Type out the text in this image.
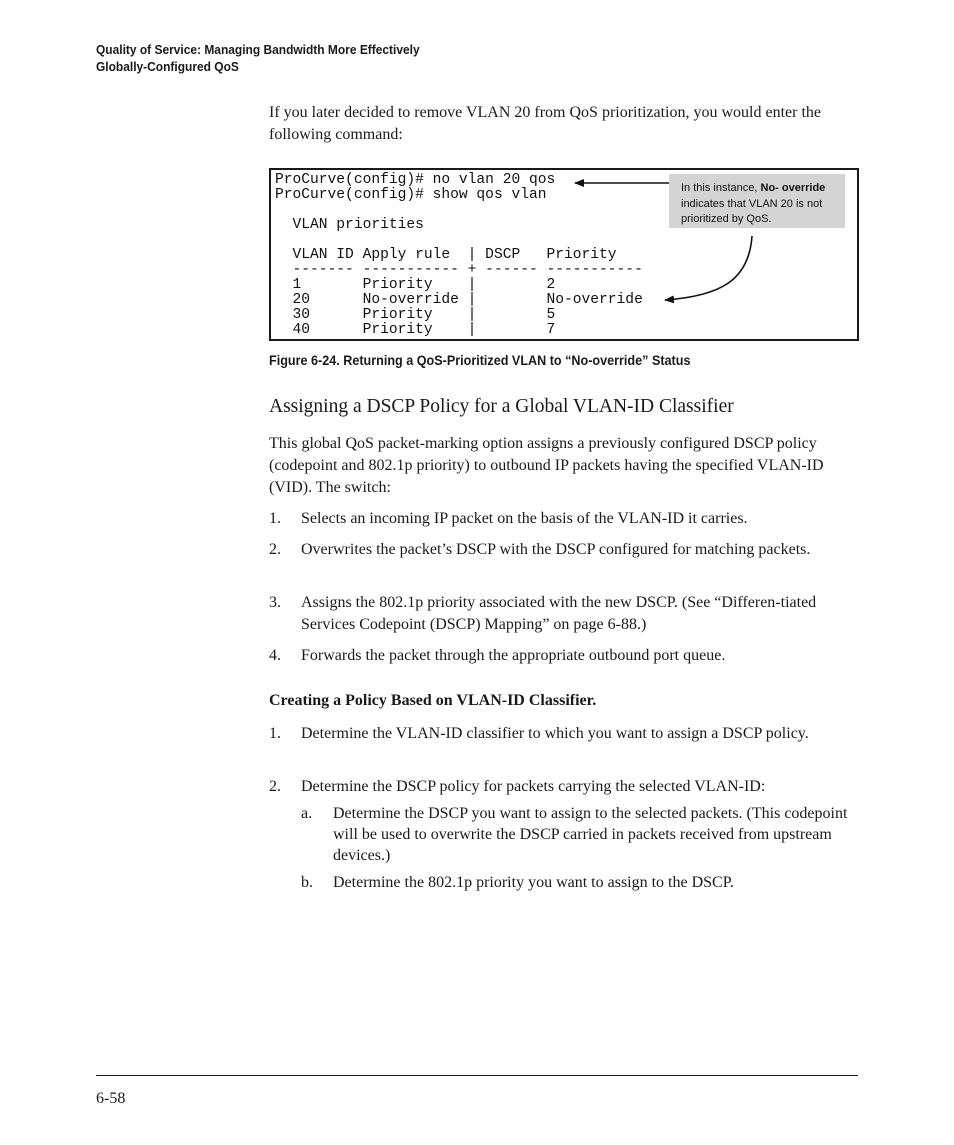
Quality of Service: Managing Bandwidth More Effectively
Globally-Configured QoS
If you later decided to remove VLAN 20 from QoS prioritization, you would enter the following command:
ProCurve(config)# no vlan 20 qos
ProCurve(config)# show qos vlan

VLAN priorities

VLAN ID Apply rule  | DSCP   Priority
------- ----------- + ------ -----------
1       Priority    |        2
20      No-override |        No-override
30      Priority    |        5
40      Priority    |        7
In this instance, No- override indicates that VLAN 20 is not prioritized by QoS.
Figure 6-24. Returning a QoS-Prioritized VLAN to “No-override” Status
Assigning a DSCP Policy for a Global VLAN-ID Classifier
This global QoS packet-marking option assigns a previously configured DSCP policy (codepoint and 802.1p priority) to outbound IP packets having the specified VLAN-ID (VID). The switch:
1. Selects an incoming IP packet on the basis of the VLAN-ID it carries.
2. Overwrites the packet’s DSCP with the DSCP configured for matching packets.
3. Assigns the 802.1p priority associated with the new DSCP. (See “Differen-tiated Services Codepoint (DSCP) Mapping” on page 6-88.)
4. Forwards the packet through the appropriate outbound port queue.
Creating a Policy Based on VLAN-ID Classifier.
1. Determine the VLAN-ID classifier to which you want to assign a DSCP policy.
2. Determine the DSCP policy for packets carrying the selected VLAN-ID:
a. Determine the DSCP you want to assign to the selected packets. (This codepoint will be used to overwrite the DSCP carried in packets received from upstream devices.)
b. Determine the 802.1p priority you want to assign to the DSCP.
6-58
